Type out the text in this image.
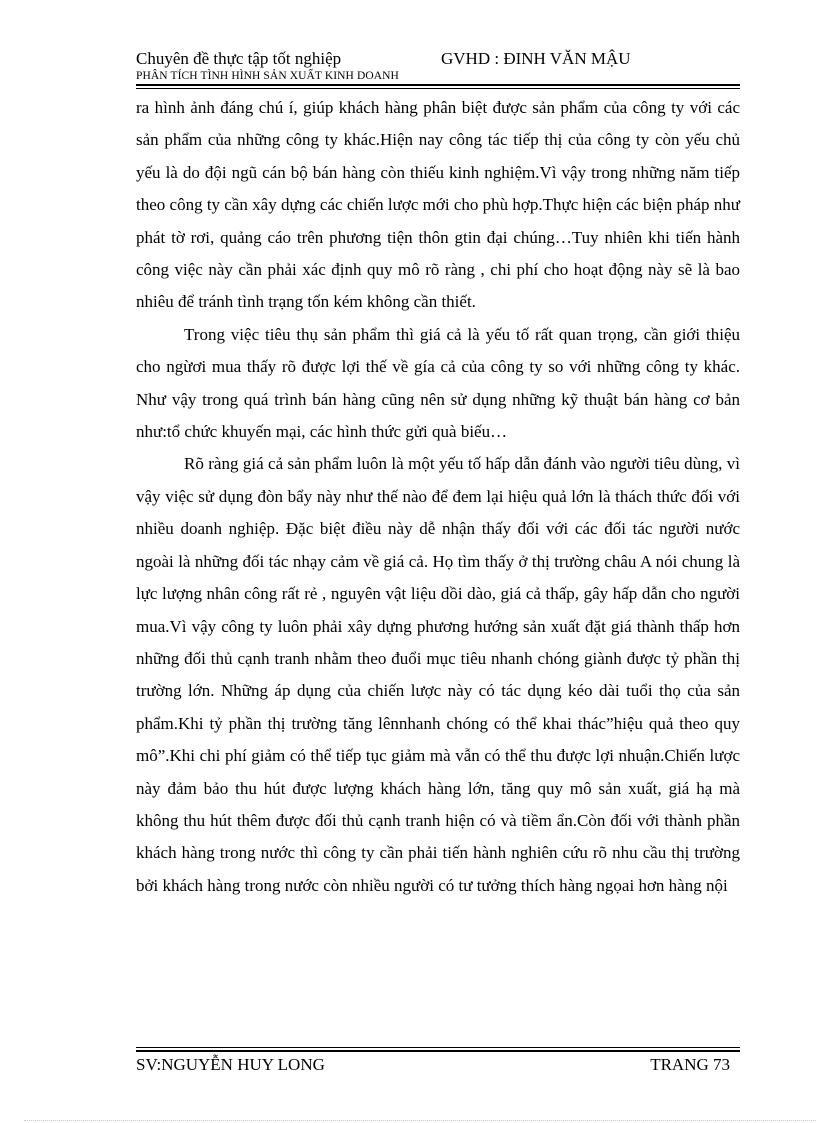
Chuyên đề thực tập tốt nghiệp	GVHD : ĐINH VĂN MẬU
PHÂN TÍCH TÌNH HÌNH SẢN XUẤT KINH DOANH

ra hình ảnh đáng chú í, giúp khách hàng phân biệt được sản phẩm của công ty với các sản phẩm của những công ty khác.Hiện nay công tác tiếp thị của công ty còn yếu chủ yếu là do đội ngũ cán bộ bán hàng còn thiếu kinh nghiệm.Vì vậy trong những năm tiếp theo công ty cần xây dựng các chiến lược mới cho phù hợp.Thực hiện các biện pháp như phát tờ rơi, quảng cáo trên phương tiện thôn gtin đại chúng…Tuy nhiên khi tiến hành công việc này cần phải xác định quy mô rõ ràng , chi phí cho hoạt động này sẽ là bao nhiêu để tránh tình trạng tốn kém không cần thiết.

Trong việc tiêu thụ sản phẩm thì giá cả là yếu tố rất quan trọng, cần giới thiệu cho ngừơi mua thấy rõ được lợi thế về gía cả của công ty so với những công ty khác. Như vậy trong quá trình bán hàng cũng nên sử dụng những kỹ thuật bán hàng cơ bản như:tổ chức khuyến mại, các hình thức gửi quà biếu…

Rõ ràng giá cả sản phẩm luôn là một yếu tố hấp dẫn đánh vào người tiêu dùng, vì vậy việc sử dụng đòn bẩy này như thế nào để đem lại hiệu quả lớn là thách thức đối với nhiều doanh nghiệp. Đặc biệt điều này dễ nhận thấy đối với các đối tác người nước ngoài là những đối tác nhạy cảm về giá cả. Họ tìm thấy ở thị trường châu A nói chung là lực lượng nhân công rất rẻ , nguyên vật liệu dồi dào, giá cả thấp, gây hấp dẫn cho người mua.Vì vậy công ty luôn phải xây dựng phương hướng sản xuất đặt giá thành thấp hơn những đối thủ cạnh tranh nhằm theo đuổi mục tiêu nhanh chóng giành được tỷ phần thị trường lớn. Những áp dụng của chiến lược này có tác dụng kéo dài tuổi thọ của sản phẩm.Khi tỷ phần thị trường tăng lênnhanh chóng có thể khai thác”hiệu quả theo quy mô”.Khi chi phí giảm có thể tiếp tục giảm mà vẫn có thể thu được lợi nhuận.Chiến lược này đảm bảo thu hút được lượng khách hàng lớn, tăng quy mô sản xuất, giá hạ mà không thu hút thêm được đối thủ cạnh tranh hiện có và tiềm ẩn.Còn đối với thành phần khách hàng trong nước thì công ty cần phải tiến hành nghiên cứu rõ nhu cầu thị trường bởi khách hàng trong nước còn nhiều người có tư tưởng thích hàng ngọai hơn hàng nội

SV:NGUYỄN HUY LONG	TRANG 73
